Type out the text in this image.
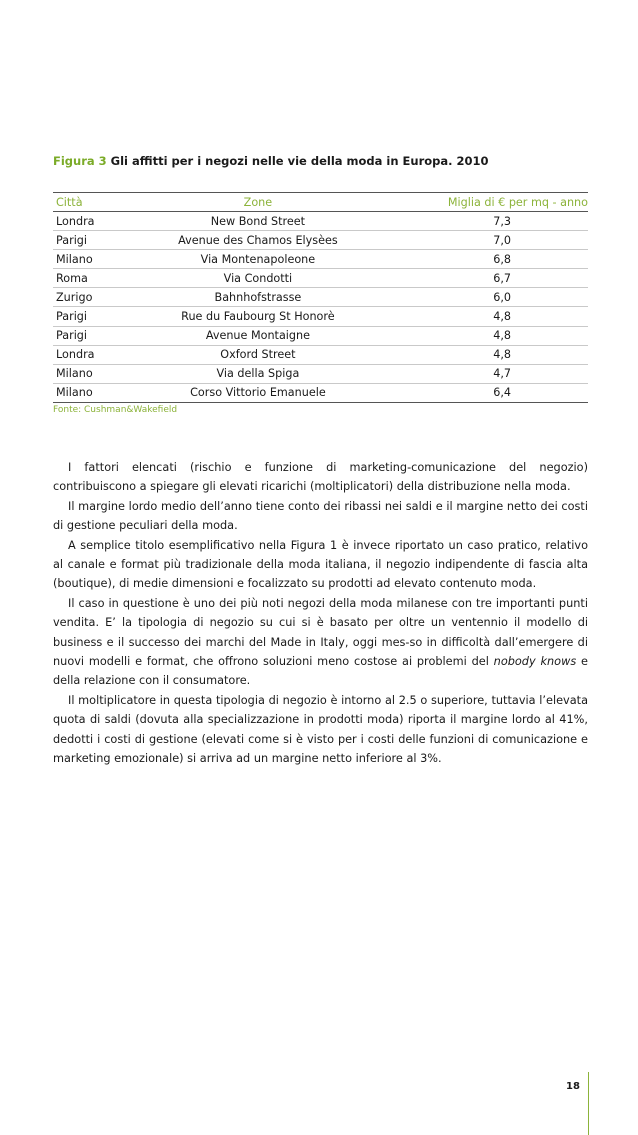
Figura 3 Gli affitti per i negozi nelle vie della moda in Europa. 2010
Città	Zone	Miglia di € per mq - anno
Londra	New Bond Street	7,3
Parigi	Avenue des Chamos Elysèes	7,0
Milano	Via Montenapoleone	6,8
Roma	Via Condotti	6,7
Zurigo	Bahnhofstrasse	6,0
Parigi	Rue du Faubourg St Honorè	4,8
Parigi	Avenue Montaigne	4,8
Londra	Oxford Street	4,8
Milano	Via della Spiga	4,7
Milano	Corso Vittorio Emanuele	6,4
Fonte: Cushman&Wakefield

I fattori elencati (rischio e funzione di marketing-comunicazione del negozio) contribuiscono a spiegare gli elevati ricarichi (moltiplicatori) della distribuzione nella moda.

Il margine lordo medio dell’anno tiene conto dei ribassi nei saldi e il margine netto dei costi di gestione peculiari della moda.

A semplice titolo esemplificativo nella Figura 1 è invece riportato un caso pratico, relativo al canale e format più tradizionale della moda italiana, il negozio indipendente di fascia alta (boutique), di medie dimensioni e focalizzato su prodotti ad elevato contenuto moda.

Il caso in questione è uno dei più noti negozi della moda milanese con tre importanti punti vendita. E’ la tipologia di negozio su cui si è basato per oltre un ventennio il modello di business e il successo dei marchi del Made in Italy, oggi mes-so in difficoltà dall’emergere di nuovi modelli e format, che offrono soluzioni meno costose ai problemi del nobody knows e della relazione con il consumatore.

Il moltiplicatore in questa tipologia di negozio è intorno al 2.5 o superiore, tuttavia l’elevata quota di saldi (dovuta alla specializzazione in prodotti moda) riporta il margine lordo al 41%, dedotti i costi di gestione (elevati come si è visto per i costi delle funzioni di comunicazione e marketing emozionale) si arriva ad un margine netto inferiore al 3%.

18
